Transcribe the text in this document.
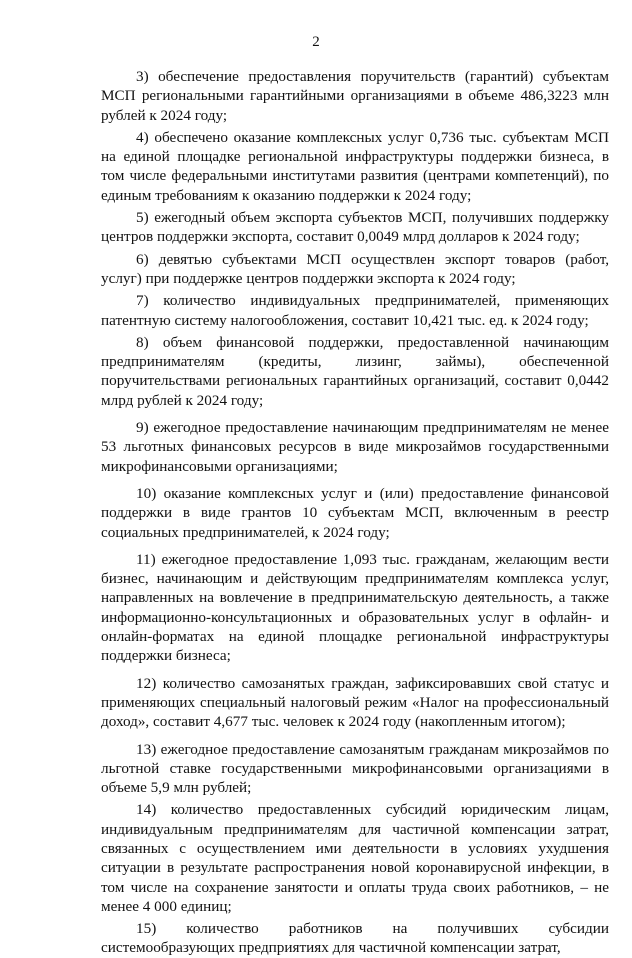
2

3) обеспечение предоставления поручительств (гарантий) субъектам МСП региональными гарантийными организациями в объеме 486,3223 млн рублей к 2024 году;

4) обеспечено оказание комплексных услуг 0,736 тыс. субъектам МСП на единой площадке региональной инфраструктуры поддержки бизнеса, в том числе федеральными институтами развития (центрами компетенций), по единым требованиям к оказанию поддержки к 2024 году;

5) ежегодный объем экспорта субъектов МСП, получивших поддержку центров поддержки экспорта, составит 0,0049 млрд долларов к 2024 году;

6) девятью субъектами МСП осуществлен экспорт товаров (работ, услуг) при поддержке центров поддержки экспорта к 2024 году;

7) количество индивидуальных предпринимателей, применяющих патентную систему налогообложения, составит 10,421 тыс. ед. к 2024 году;

8) объем финансовой поддержки, предоставленной начинающим предпринимателям (кредиты, лизинг, займы), обеспеченной поручительствами региональных гарантийных организаций, составит 0,0442 млрд рублей к 2024 году;

9) ежегодное предоставление начинающим предпринимателям не менее 53 льготных финансовых ресурсов в виде микрозаймов государственными микрофинансовыми организациями;

10) оказание комплексных услуг и (или) предоставление финансовой поддержки в виде грантов 10 субъектам МСП, включенным в реестр социальных предпринимателей, к 2024 году;

11) ежегодное предоставление 1,093 тыс. гражданам, желающим вести бизнес, начинающим и действующим предпринимателям комплекса услуг, направленных на вовлечение в предпринимательскую деятельность, а также информационно-консультационных и образовательных услуг в офлайн- и онлайн-форматах на единой площадке региональной инфраструктуры поддержки бизнеса;

12) количество самозанятых граждан, зафиксировавших свой статус и применяющих специальный налоговый режим «Налог на профессиональный доход», составит 4,677 тыс. человек к 2024 году (накопленным итогом);

13) ежегодное предоставление самозанятым гражданам микрозаймов по льготной ставке государственными микрофинансовыми организациями в объеме 5,9 млн рублей;

14) количество предоставленных субсидий юридическим лицам, индивидуальным предпринимателям для частичной компенсации затрат, связанных с осуществлением ими деятельности в условиях ухудшения ситуации в результате распространения новой коронавирусной инфекции, в том числе на сохранение занятости и оплаты труда своих работников, – не менее 4 000 единиц;

15) количество работников на получивших субсидии системообразующих предприятиях для частичной компенсации затрат,
